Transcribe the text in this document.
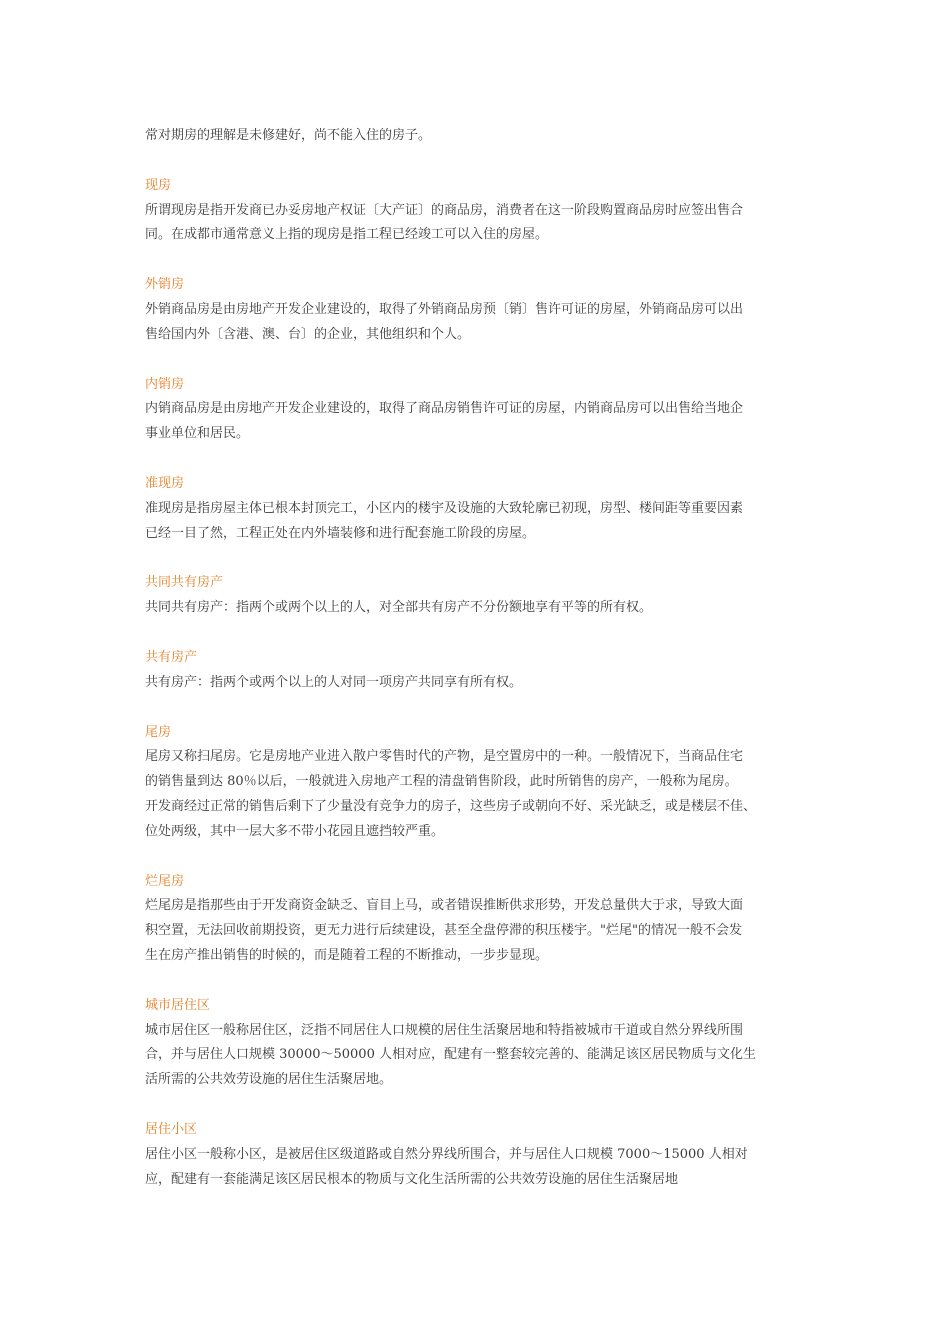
常对期房的理解是未修建好，尚不能入住的房子。
现房
所谓现房是指开发商已办妥房地产权证〔大产证〕的商品房，消费者在这一阶段购置商品房时应签出售合
同。在成都市通常意义上指的现房是指工程已经竣工可以入住的房屋。
外销房
外销商品房是由房地产开发企业建设的，取得了外销商品房预〔销〕售许可证的房屋，外销商品房可以出
售给国内外〔含港、澳、台〕的企业，其他组织和个人。
内销房
内销商品房是由房地产开发企业建设的，取得了商品房销售许可证的房屋，内销商品房可以出售给当地企
事业单位和居民。
准现房
准现房是指房屋主体已根本封顶完工，小区内的楼宇及设施的大致轮廓已初现，房型、楼间距等重要因素
已经一目了然，工程正处在内外墙装修和进行配套施工阶段的房屋。
共同共有房产
共同共有房产：指两个或两个以上的人，对全部共有房产不分份额地享有平等的所有权。
共有房产
共有房产：指两个或两个以上的人对同一项房产共同享有所有权。
尾房
尾房又称扫尾房。它是房地产业进入散户零售时代的产物，是空置房中的一种。一般情况下，当商品住宅
的销售量到达 80％以后，一般就进入房地产工程的清盘销售阶段，此时所销售的房产，一般称为尾房。
开发商经过正常的销售后剩下了少量没有竞争力的房子，这些房子或朝向不好、采光缺乏，或是楼层不佳、
位处两级，其中一层大多不带小花园且遮挡较严重。
烂尾房
烂尾房是指那些由于开发商资金缺乏、盲目上马，或者错误推断供求形势，开发总量供大于求，导致大面
积空置，无法回收前期投资，更无力进行后续建设，甚至全盘停滞的积压楼宇。"烂尾"的情况一般不会发
生在房产推出销售的时候的，而是随着工程的不断推动，一步步显现。
城市居住区
城市居住区一般称居住区，泛指不同居住人口规模的居住生活聚居地和特指被城市干道或自然分界线所围
合，并与居住人口规模 30000～50000 人相对应，配建有一整套较完善的、能满足该区居民物质与文化生
活所需的公共效劳设施的居住生活聚居地。
居住小区
居住小区一般称小区，是被居住区级道路或自然分界线所围合，并与居住人口规模 7000～15000 人相对
应，配建有一套能满足该区居民根本的物质与文化生活所需的公共效劳设施的居住生活聚居地
